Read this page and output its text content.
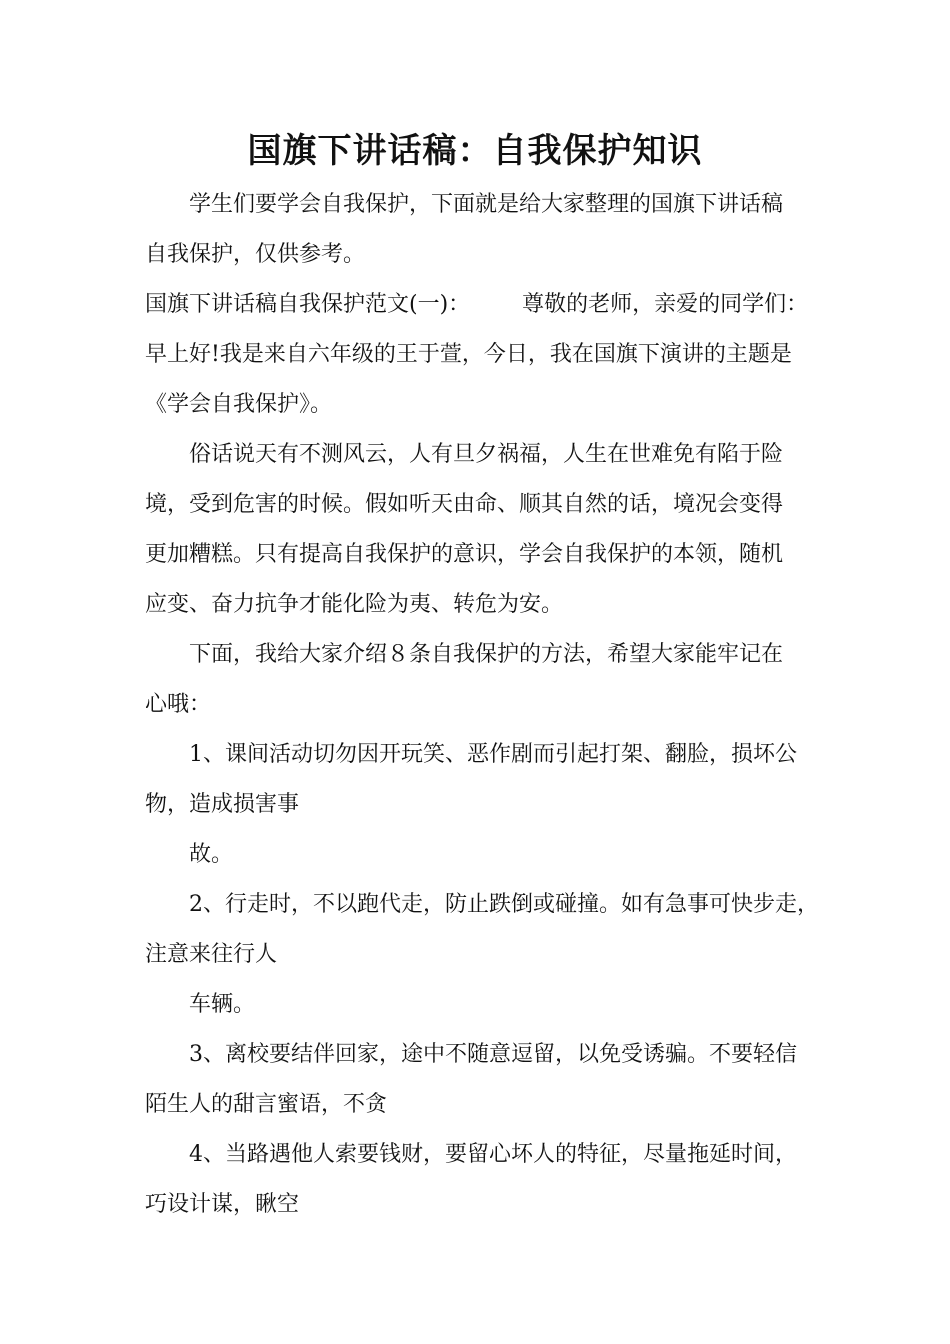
国旗下讲话稿：自我保护知识
学生们要学会自我保护，下面就是给大家整理的国旗下讲话稿
自我保护，仅供参考。
国旗下讲话稿自我保护范文(一)： 尊敬的老师，亲爱的同学们：
早上好!我是来自六年级的王于萱，今日，我在国旗下演讲的主题是
《学会自我保护》。
俗话说天有不测风云，人有旦夕祸福，人生在世难免有陷于险
境，受到危害的时候。假如听天由命、顺其自然的话，境况会变得
更加糟糕。只有提高自我保护的意识，学会自我保护的本领，随机
应变、奋力抗争才能化险为夷、转危为安。
下面，我给大家介绍８条自我保护的方法，希望大家能牢记在
心哦：
1、课间活动切勿因开玩笑、恶作剧而引起打架、翻脸，损坏公
物，造成损害事
故。
2、行走时，不以跑代走，防止跌倒或碰撞。如有急事可快步走，
注意来往行人
车辆。
3、离校要结伴回家，途中不随意逗留，以免受诱骗。不要轻信
陌生人的甜言蜜语，不贪
4、当路遇他人索要钱财，要留心坏人的特征，尽量拖延时间，
巧设计谋，瞅空
